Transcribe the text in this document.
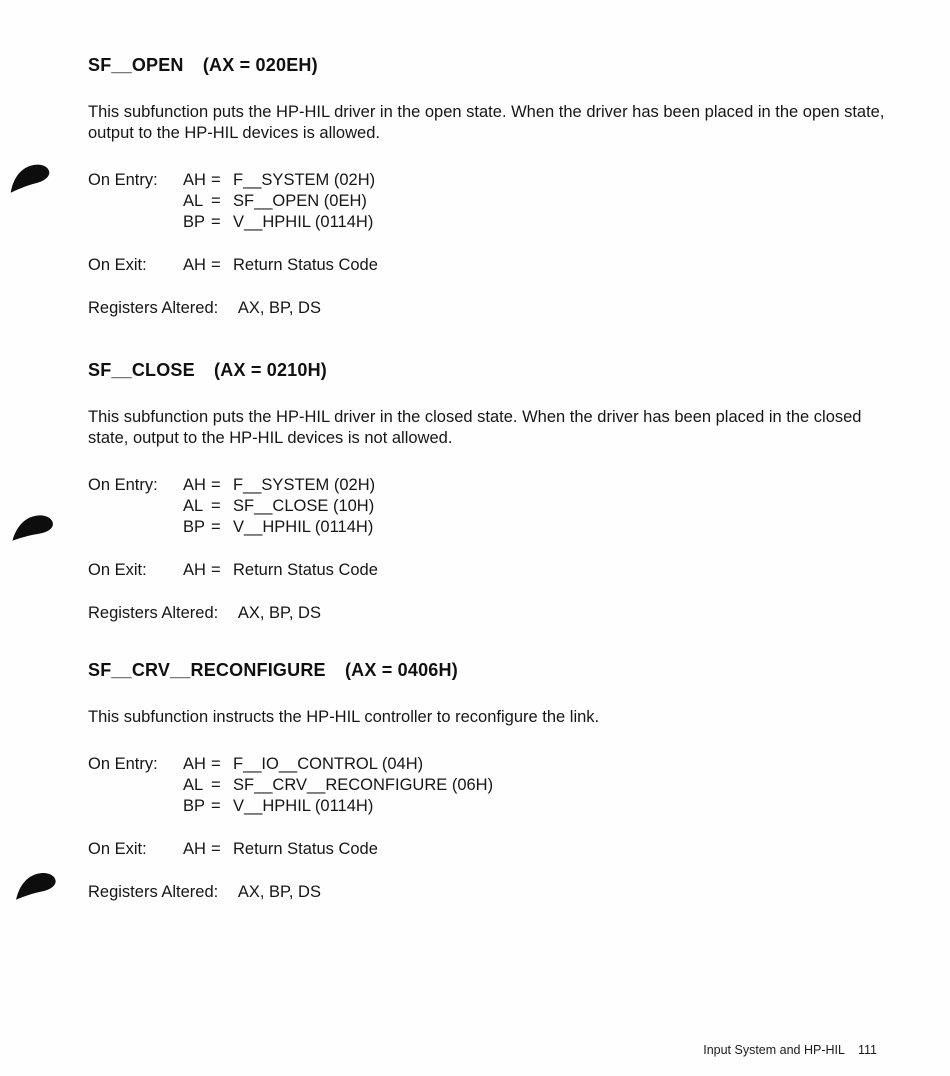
SF__OPEN (AX = 020EH)

This subfunction puts the HP-HIL driver in the open state. When the driver has been placed in the open state, output to the HP-HIL devices is allowed.

On Entry:	AH = F__SYSTEM (02H)
AL = SF__OPEN (0EH)
BP = V__HPHIL (0114H)
On Exit:	AH = Return Status Code
Registers Altered: AX, BP, DS
SF__CLOSE (AX = 0210H)

This subfunction puts the HP-HIL driver in the closed state. When the driver has been placed in the closed state, output to the HP-HIL devices is not allowed.

On Entry:	AH = F__SYSTEM (02H)
AL = SF__CLOSE (10H)
BP = V__HPHIL (0114H)
On Exit:	AH = Return Status Code
Registers Altered: AX, BP, DS
SF__CRV__RECONFIGURE (AX = 0406H)

This subfunction instructs the HP-HIL controller to reconfigure the link.

On Entry:	AH = F__IO__CONTROL (04H)
AL = SF__CRV__RECONFIGURE (06H)
BP = V__HPHIL (0114H)
On Exit:	AH = Return Status Code
Registers Altered: AX, BP, DS
Input System and HP-HIL 111
